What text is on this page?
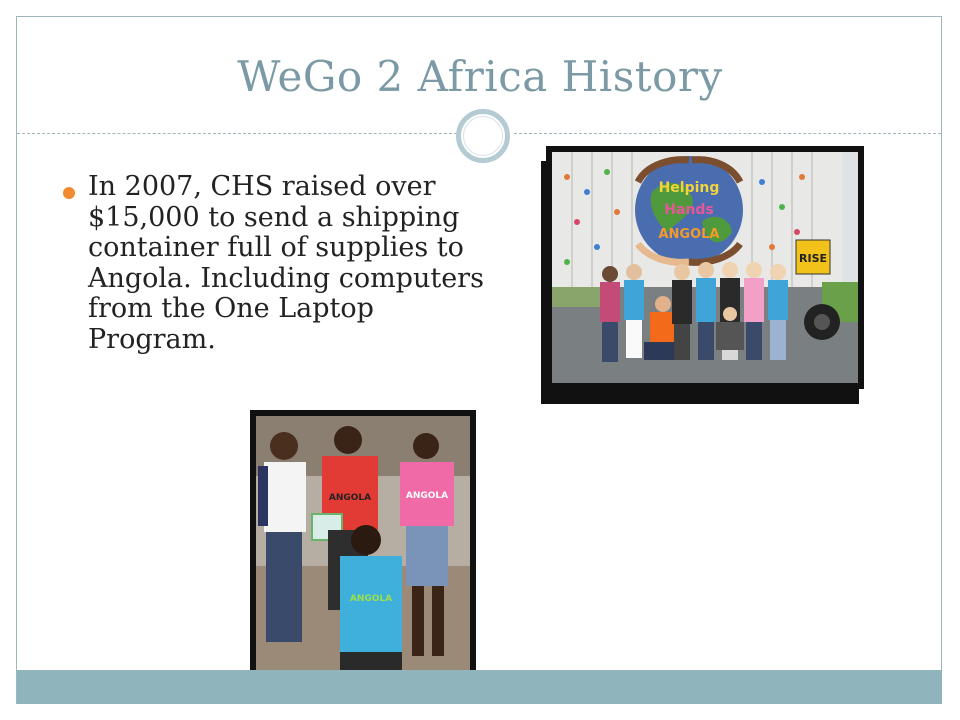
WeGo 2 Africa History
In 2007, CHS raised over $15,000 to send a shipping container full of supplies to Angola. Including computers from the One Laptop Program.
Helping
Hands
ANGOLA
RISE
ANGOLA	ANGOLA
ANGOLA
